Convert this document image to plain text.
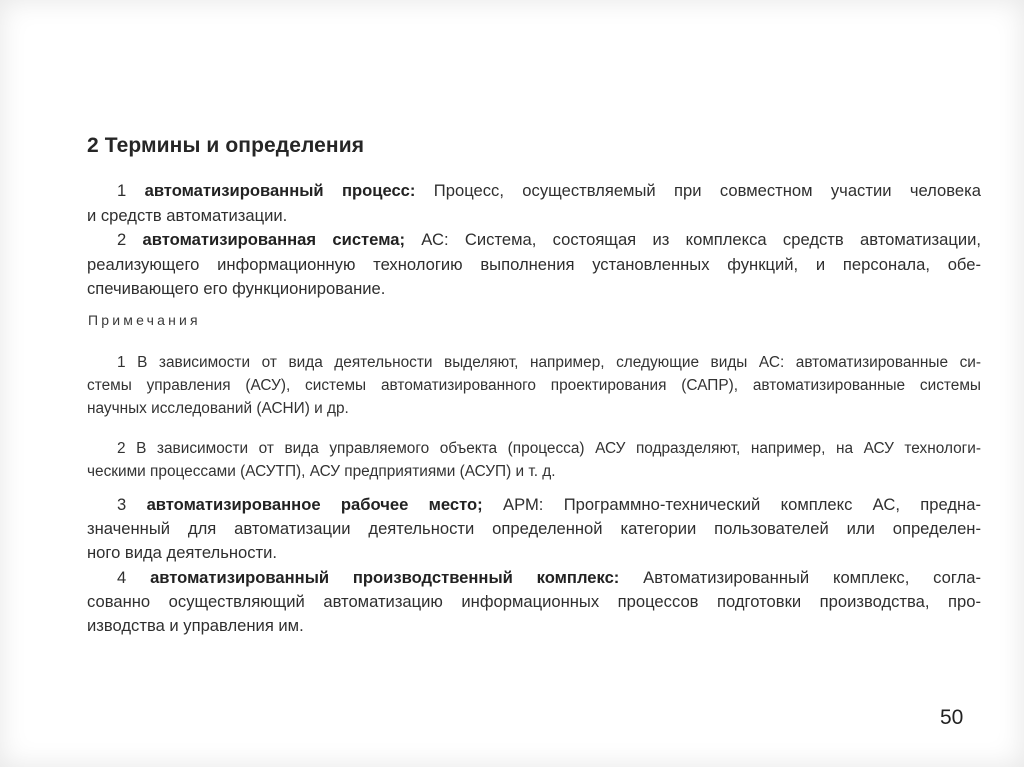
2 Термины и определения
1 автоматизированный процесс: Процесс, осуществляемый при совместном участии человека
и средств автоматизации.
2 автоматизированная система; АС: Система, состоящая из комплекса средств автоматизации,
реализующего информационную технологию выполнения установленных функций, и персонала, обе-
спечивающего его функционирование.
Примечания
1 В зависимости от вида деятельности выделяют, например, следующие виды АС: автоматизированные си-
стемы управления (АСУ), системы автоматизированного проектирования (САПР), автоматизированные системы
научных исследований (АСНИ) и др.
2 В зависимости от вида управляемого объекта (процесса) АСУ подразделяют, например, на АСУ технологи-
ческими процессами (АСУТП), АСУ предприятиями (АСУП) и т. д.
3 автоматизированное рабочее место; АРМ: Программно-технический комплекс АС, предна-
значенный для автоматизации деятельности определенной категории пользователей или определен-
ного вида деятельности.
4 автоматизированный производственный комплекс: Автоматизированный комплекс, согла-
сованно осуществляющий автоматизацию информационных процессов подготовки производства, про-
изводства и управления им.
50
